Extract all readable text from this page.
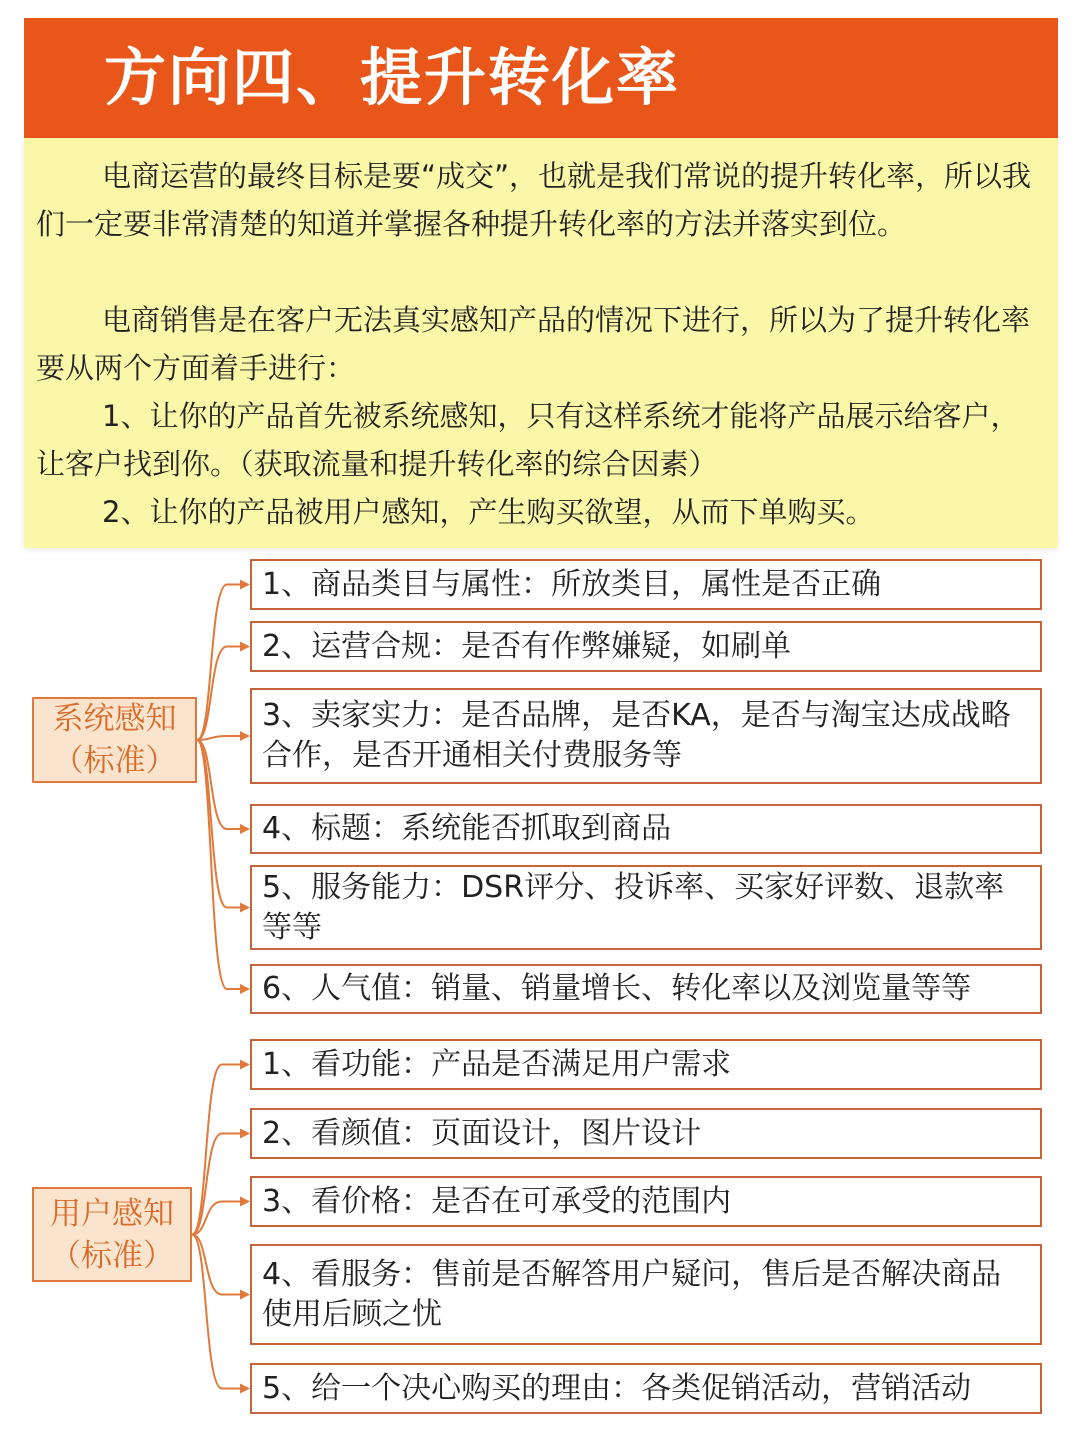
方向四、提升转化率

电商运营的最终目标是要“成交”，也就是我们常说的提升转化率，所以我们一定要非常清楚的知道并掌握各种提升转化率的方法并落实到位。

电商销售是在客户无法真实感知产品的情况下进行，所以为了提升转化率要从两个方面着手进行：

1、让你的产品首先被系统感知，只有这样系统才能将产品展示给客户，让客户找到你。（获取流量和提升转化率的综合因素）

2、让你的产品被用户感知，产生购买欲望，从而下单购买。

系统感知
（标准）
1、商品类目与属性：所放类目，属性是否正确
2、运营合规：是否有作弊嫌疑，如刷单
3、卖家实力：是否品牌，是否KA，是否与淘宝达成战略合作，是否开通相关付费服务等
4、标题：系统能否抓取到商品
5、服务能力：DSR评分、投诉率、买家好评数、退款率等等
6、人气值：销量、销量增长、转化率以及浏览量等等
用户感知
（标准）
1、看功能：产品是否满足用户需求
2、看颜值：页面设计，图片设计
3、看价格：是否在可承受的范围内
4、看服务：售前是否解答用户疑问，售后是否解决商品使用后顾之忧
5、给一个决心购买的理由：各类促销活动，营销活动
